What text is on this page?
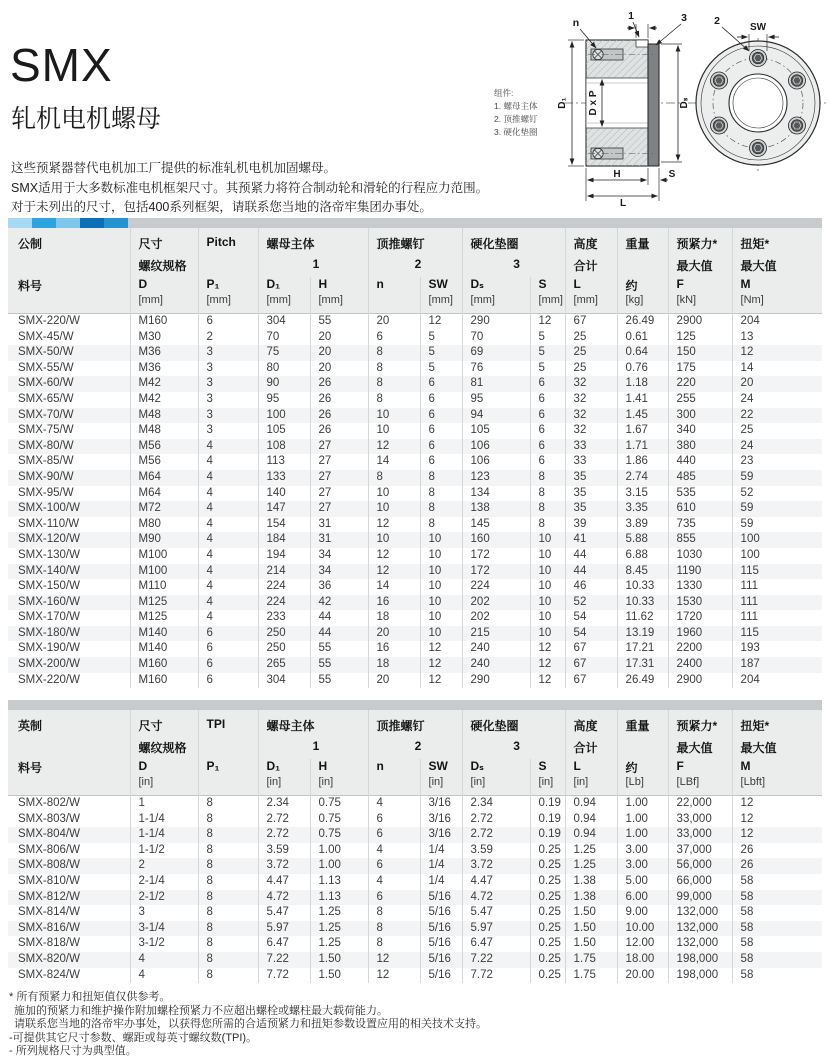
SMX
轧机电机螺母
这些预紧器替代电机加工厂提供的标准轧机电机加固螺母。
SMX适用于大多数标准电机框架尺寸。其预紧力将符合制动轮和滑轮的行程应力范围。
对于未列出的尺寸，包括400系列框架，请联系您当地的洛帝牢集团办事处。
D₁ D x P	Dₛ
H	S
L
n
1	3
SW
2
组件:
1. 螺母主体
2. 顶推螺钉
3. 硬化垫圈
公制	尺寸	Pitch	螺母主体		顶推螺钉		硬化垫圈		高度	重量	预紧力*	扭矩*
	螺纹规格		1		2		3		合计		最大值	最大值
料号	D	P₁	D₁	H	n	SW	Dₛ	S	L	约	F	M
	[mm]	[mm]	[mm]	[mm]		[mm]	[mm]	[mm]	[mm]	[kg]	[kN]	[Nm]
SMX-220/W	M160	6	304	55	20	12	290	12	67	26.49	2900	204
SMX-45/W	M30	2	70	20	6	5	70	5	25	0.61	125	13
SMX-50/W	M36	3	75	20	8	5	69	5	25	0.64	150	12
SMX-55/W	M36	3	80	20	8	5	76	5	25	0.76	175	14
SMX-60/W	M42	3	90	26	8	6	81	6	32	1.18	220	20
SMX-65/W	M42	3	95	26	8	6	95	6	32	1.41	255	24
SMX-70/W	M48	3	100	26	10	6	94	6	32	1.45	300	22
SMX-75/W	M48	3	105	26	10	6	105	6	32	1.67	340	25
SMX-80/W	M56	4	108	27	12	6	106	6	33	1.71	380	24
SMX-85/W	M56	4	113	27	14	6	106	6	33	1.86	440	23
SMX-90/W	M64	4	133	27	8	8	123	8	35	2.74	485	59
SMX-95/W	M64	4	140	27	10	8	134	8	35	3.15	535	52
SMX-100/W	M72	4	147	27	10	8	138	8	35	3.35	610	59
SMX-110/W	M80	4	154	31	12	8	145	8	39	3.89	735	59
SMX-120/W	M90	4	184	31	10	10	160	10	41	5.88	855	100
SMX-130/W	M100	4	194	34	12	10	172	10	44	6.88	1030	100
SMX-140/W	M100	4	214	34	12	10	172	10	44	8.45	1190	115
SMX-150/W	M110	4	224	36	14	10	224	10	46	10.33	1330	111
SMX-160/W	M125	4	224	42	16	10	202	10	52	10.33	1530	111
SMX-170/W	M125	4	233	44	18	10	202	10	54	11.62	1720	111
SMX-180/W	M140	6	250	44	20	10	215	10	54	13.19	1960	115
SMX-190/W	M140	6	250	55	16	12	240	12	67	17.21	2200	193
SMX-200/W	M160	6	265	55	18	12	240	12	67	17.31	2400	187
SMX-220/W	M160	6	304	55	20	12	290	12	67	26.49	2900	204
英制	尺寸	TPI	螺母主体		顶推螺钉		硬化垫圈		高度	重量	预紧力*	扭矩*
	螺纹规格		1		2		3		合计		最大值	最大值
料号	D	P₁	D₁	H	n	SW	Dₛ	S	L	约	F	M
	[in]		[in]	[in]		[in]	[in]	[in]	[in]	[Lb]	[LBf]	[Lbft]
SMX-802/W	1	8	2.34	0.75	4	3/16	2.34	0.19	0.94	1.00	22,000	12
SMX-803/W	1-1/4	8	2.72	0.75	6	3/16	2.72	0.19	0.94	1.00	33,000	12
SMX-804/W	1-1/4	8	2.72	0.75	6	3/16	2.72	0.19	0.94	1.00	33,000	12
SMX-806/W	1-1/2	8	3.59	1.00	4	1/4	3.59	0.25	1.25	3.00	37,000	26
SMX-808/W	2	8	3.72	1.00	6	1/4	3.72	0.25	1.25	3.00	56,000	26
SMX-810/W	2-1/4	8	4.47	1.13	4	1/4	4.47	0.25	1.38	5.00	66,000	58
SMX-812/W	2-1/2	8	4.72	1.13	6	5/16	4.72	0.25	1.38	6.00	99,000	58
SMX-814/W	3	8	5.47	1.25	8	5/16	5.47	0.25	1.50	9.00	132,000	58
SMX-816/W	3-1/4	8	5.97	1.25	8	5/16	5.97	0.25	1.50	10.00	132,000	58
SMX-818/W	3-1/2	8	6.47	1.25	8	5/16	6.47	0.25	1.50	12.00	132,000	58
SMX-820/W	4	8	7.22	1.50	12	5/16	7.22	0.25	1.75	18.00	198,000	58
SMX-824/W	4	8	7.72	1.50	12	5/16	7.72	0.25	1.75	20.00	198,000	58
* 所有预紧力和扭矩值仅供参考。
施加的预紧力和维护操作附加螺栓预紧力不应超出螺栓或螺柱最大载荷能力。
请联系您当地的洛帝牢办事处，以获得您所需的合适预紧力和扭矩参数设置应用的相关技术支持。
-可提供其它尺寸参数、螺距或每英寸螺纹数(TPI)。
- 所列规格尺寸为典型值。
